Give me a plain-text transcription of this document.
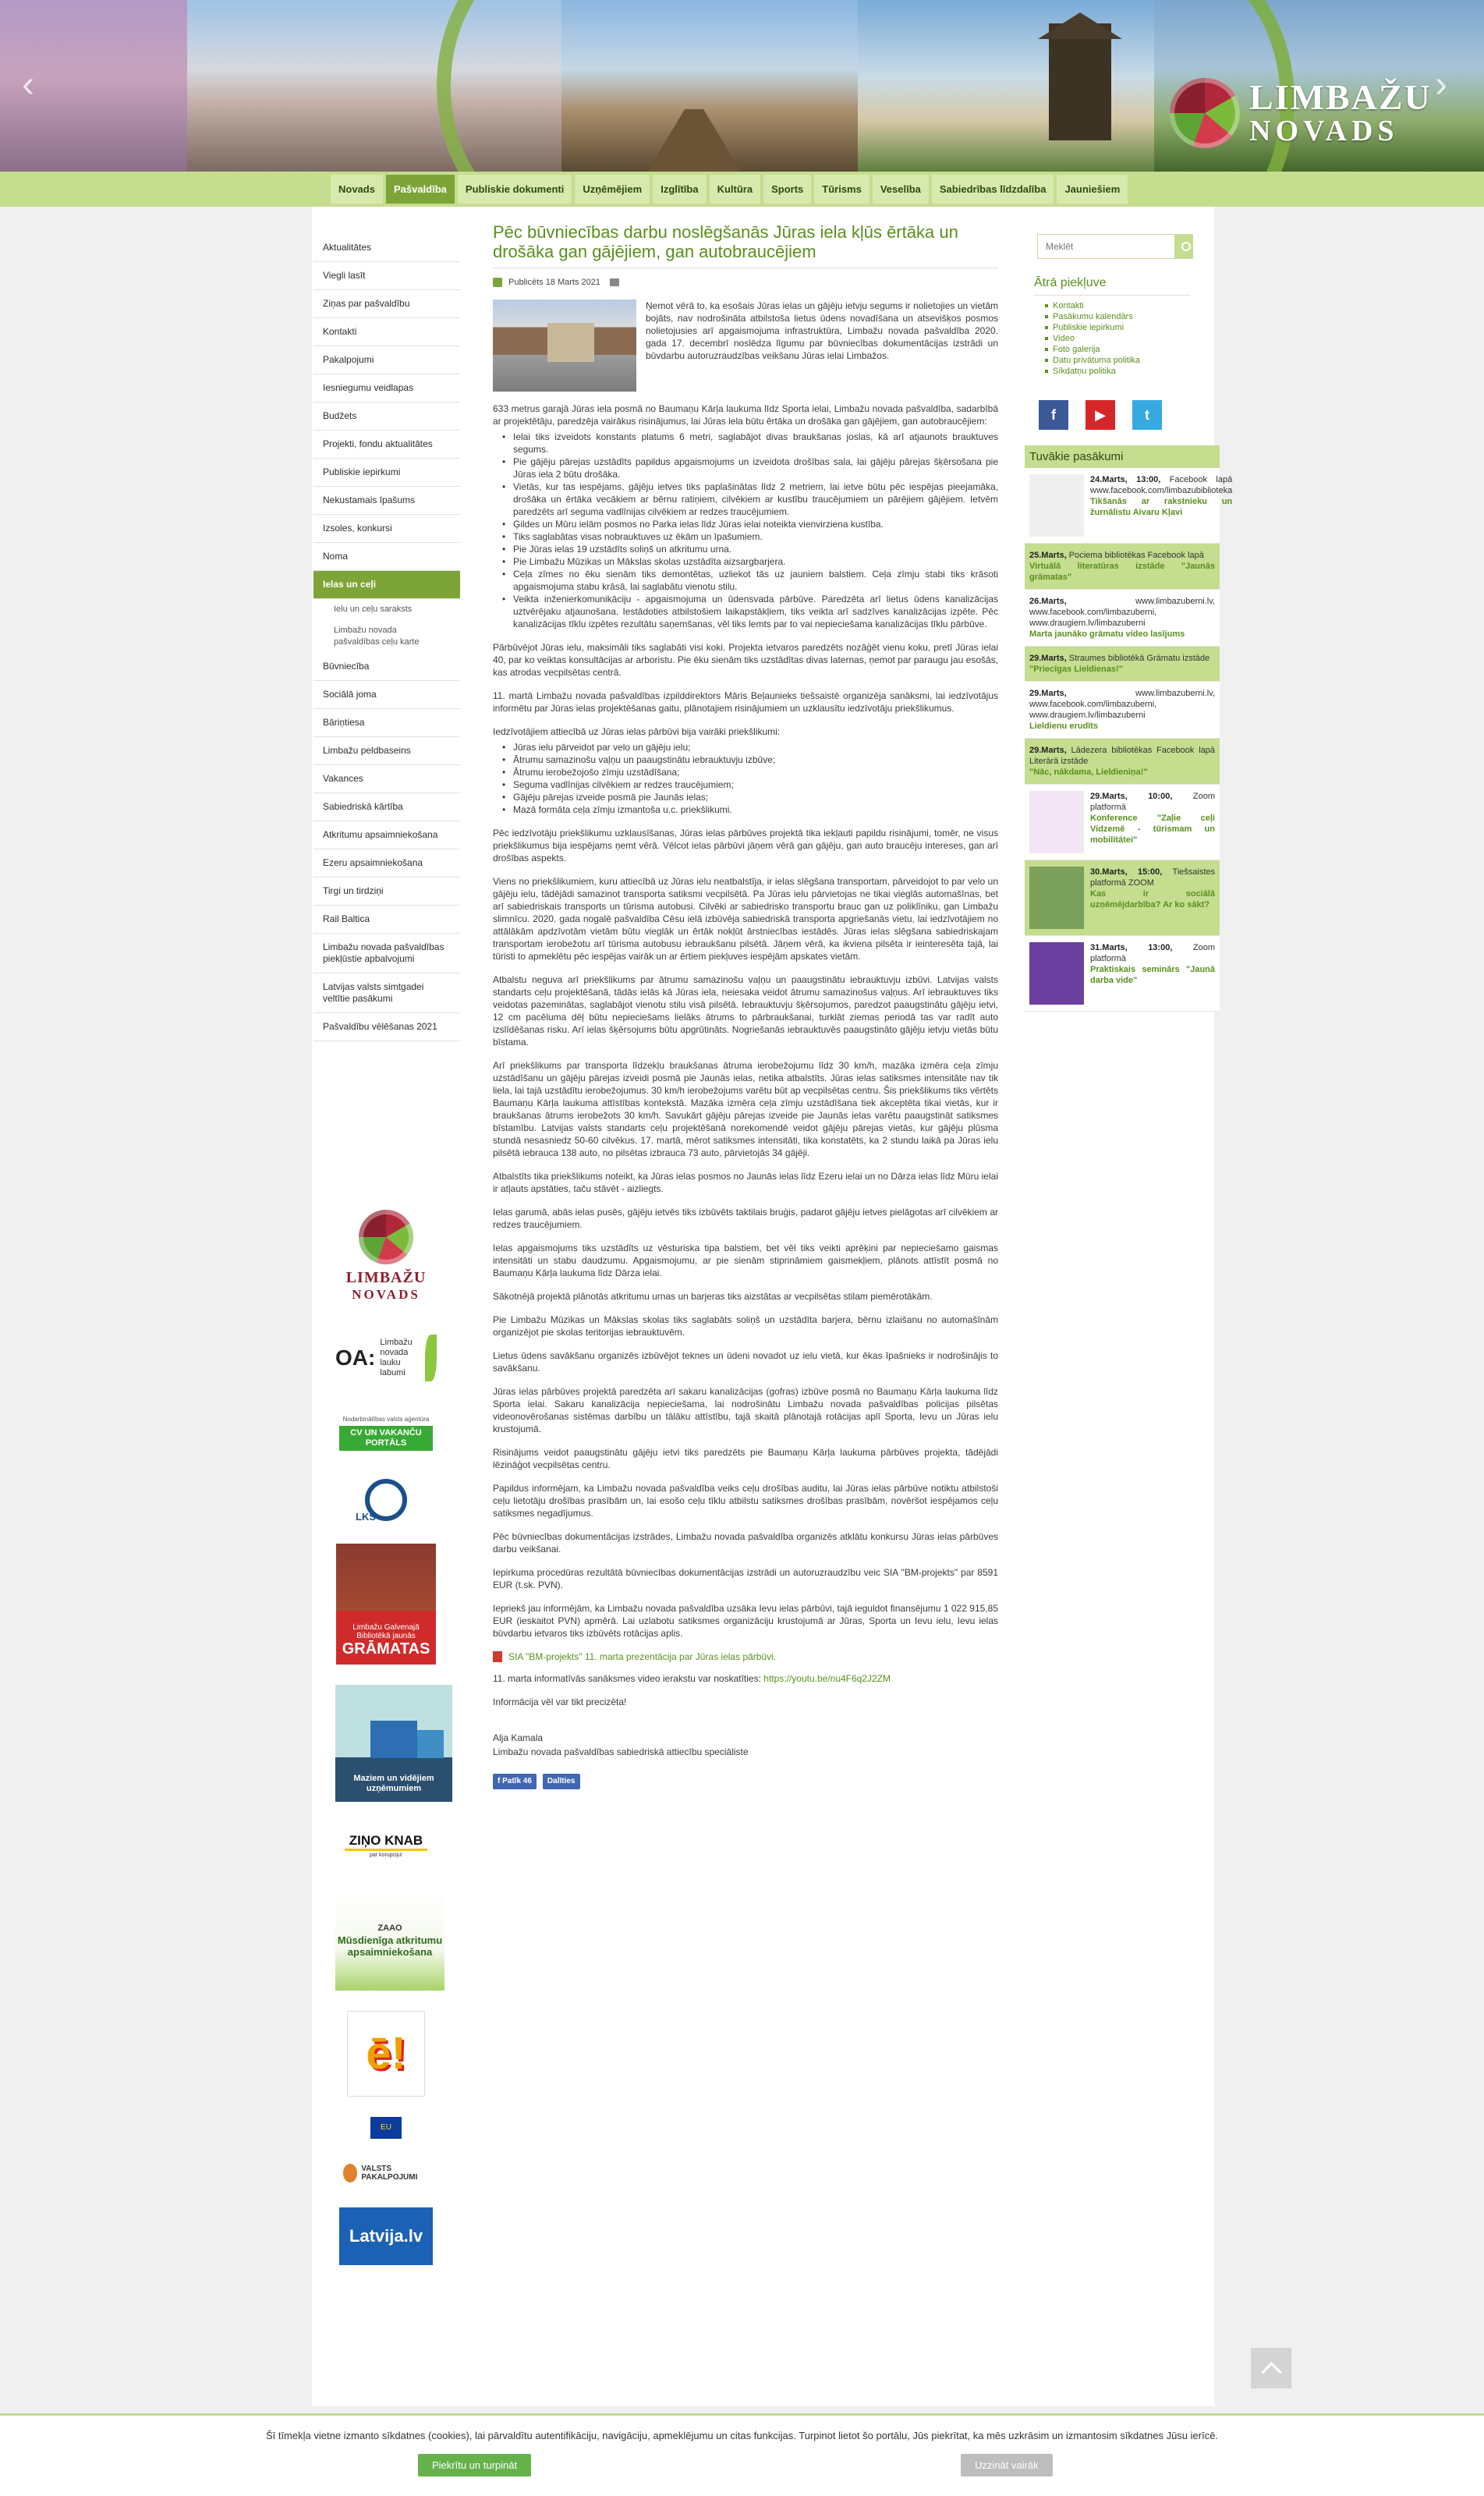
‹	›
LIMBAŽU
NOVADS
Novads	Pašvaldība	Publiskie dokumenti	Uzņēmējiem	Izglītība	Kultūra	Sports	Tūrisms	Veselība	Sabiedrības līdzdalība	Jauniešiem
Aktualitātes
Viegli lasīt
Ziņas par pašvaldību
Kontakti
Pakalpojumi
Iesniegumu veidlapas
Budžets
Projekti, fondu aktualitātes
Publiskie iepirkumi
Nekustamais īpašums
Izsoles, konkursi
Noma
Ielas un ceļi
Ielu un ceļu saraksts
Limbažu novada pašvaldības ceļu karte
Būvniecība
Sociālā joma
Bāriņtiesa
Limbažu peldbaseins
Vakances
Sabiedriskā kārtība
Atkritumu apsaimniekošana
Ezeru apsaimniekošana
Tirgi un tirdziņi
Rail Baltica
Limbažu novada pašvaldības piekļūstie apbalvojumi
Latvijas valsts simtgadei veltītie pasākumi
Pašvaldību vēlēšanas 2021
LIMBAŽU
NOVADS
OA:
Limbažu novada lauku labumi
Nodarbinātības valsts aģentūra
CV UN VAKANČU PORTĀLS
LKS
Limbažu Galvenajā Bibliotēkā jaunās
GRĀMATAS
Maziem un vidējiem uzņēmumiem
ZIŅO KNAB
par korupciju!
ZAAO
Mūsdienīga atkritumu apsaimniekošana
ē!
EU
VALSTS PAKALPOJUMI
Latvija.lv
Pēc būvniecības darbu noslēgšanās Jūras iela kļūs ērtāka un drošāka gan gājējiem, gan autobraucējiem
Publicēts 18 Marts 2021

Ņemot vērā to, ka esošais Jūras ielas un gājēju ietvju segums ir nolietojies un vietām bojāts, nav nodrošināta atbilstoša lietus ūdens novadīšana un atsevišķos posmos nolietojusies arī apgaismojuma infrastruktūra, Limbažu novada pašvaldība 2020. gada 17. decembrī noslēdza līgumu par būvniecības dokumentācijas izstrādi un būvdarbu autoruzraudzības veikšanu Jūras ielai Limbažos.

633 metrus garajā Jūras iela posmā no Baumaņu Kārļa laukuma līdz Sporta ielai, Limbažu novada pašvaldība, sadarbībā ar projektētāju, paredzēja vairākus risinājumus, lai Jūras iela būtu ērtāka un drošāka gan gājējiem, gan autobraucējiem:

• Ielai tiks izveidots konstants platums 6 metri, saglabājot divas braukšanas joslas, kā arī atjaunots brauktuves segums.
• Pie gājēju pārejas uzstādīts papildus apgaismojums un izveidota drošības sala, lai gājēju pārejas šķērsošana pie Jūras iela 2 būtu drošāka.
• Vietās, kur tas iespējams, gājēju ietves tiks paplašinātas līdz 2 metriem, lai ietve būtu pēc iespējas pieejamāka, drošāka un ērtāka vecākiem ar bērnu ratiņiem, cilvēkiem ar kustību traucējumiem un pārējiem gājējiem. Ietvēm paredzēts arī seguma vadlīnijas cilvēkiem ar redzes traucējumiem.
• Ģildes un Mūru ielām posmos no Parka ielas līdz Jūras ielai noteikta vienvirziena kustība.
• Tiks saglabātas visas nobrauktuves uz ēkām un īpašumiem.
• Pie Jūras ielas 19 uzstādīts soliņš un atkritumu urna.
• Pie Limbažu Mūzikas un Mākslas skolas uzstādīta aizsargbarjera.
• Ceļa zīmes no ēku sienām tiks demontētas, uzliekot tās uz jauniem balstiem. Ceļa zīmju stabi tiks krāsoti apgaismojuma stabu krāsā, lai saglabātu vienotu stilu.
• Veikta inženierkomunikāciju - apgaismojuma un ūdensvada pārbūve. Paredzēta arī lietus ūdens kanalizācijas uztvērējaku atjaunošana. Iestādoties atbilstošiem laikapstākļiem, tiks veikta arī sadzīves kanalizācijas izpēte. Pēc kanalizācijas tīklu izpētes rezultātu saņemšanas, vēl tiks lemts par to vai nepieciešama kanalizācijas tīklu pārbūve.

Pārbūvējot Jūras ielu, maksimāli tiks saglabāti visi koki. Projekta ietvaros paredzēts nozāģēt vienu koku, pretī Jūras ielai 40, par ko veiktas konsultācijas ar arboristu. Pie ēku sienām tiks uzstādītas divas laternas, ņemot par paraugu jau esošās, kas atrodas vecpilsētas centrā.

11. martā Limbažu novada pašvaldības izpilddirektors Māris Beļaunieks tiešsaistē organizēja sanāksmi, lai iedzīvotājus informētu par Jūras ielas projektēšanas gaitu, plānotajiem risinājumiem un uzklausītu iedzīvotāju priekšlikumus.

Iedzīvotājiem attiecībā uz Jūras ielas pārbūvi bija vairāki priekšlikumi:

• Jūras ielu pārveidot par velo un gājēju ielu;
• Ātrumu samazinošu vaļņu un paaugstinātu iebrauktuvju izbūve;
• Ātrumu ierobežojošo zīmju uzstādīšana;
• Seguma vadlīnijas cilvēkiem ar redzes traucējumiem;
• Gājēju pārejas izveide posmā pie Jaunās ielas;
• Mazā formāta ceļa zīmju izmantoša u.c. priekšlikumi.

Pēc iedzīvotāju priekšlikumu uzklausīšanas, Jūras ielas pārbūves projektā tika iekļauti papildu risinājumi, tomēr, ne visus priekšlikumus bija iespējams ņemt vērā. Vēlcot ielas pārbūvi jāņem vērā gan gājēju, gan auto braucēju intereses, gan arī drošības aspekts.

Viens no priekšlikumiem, kuru attiecībā uz Jūras ielu neatbalstīja, ir ielas slēgšana transportam, pārveidojot to par velo un gājēju ielu, tādējādi samazinot transporta satiksmi vecpilsētā. Pa Jūras ielu pārvietojas ne tikai vieglās automašīnas, bet arī sabiedriskais transports un tūrisma autobusi. Cilvēki ar sabiedrisko transportu brauc gan uz poliklīniku, gan Limbažu slimnīcu. 2020. gada nogalē pašvaldība Cēsu ielā izbūvēja sabiedriskā transporta apgriešanās vietu, lai iedzīvotājiem no attālākām apdzīvotām vietām būtu vieglāk un ērtāk nokļūt ārstniecības iestādēs. Jūras ielas slēgšana sabiedriskajam transportam ierobežotu arī tūrisma autobusu iebraukšanu pilsētā. Jāņem vērā, ka ikviena pilsēta ir ieinteresēta tajā, lai tūristi to apmeklētu pēc iespējas vairāk un ar ērtiem piekļuves iespējām apskates vietām.

Atbalstu neguva arī priekšlikums par ātrumu samazinošu vaļņu un paaugstinātu iebrauktuvju izbūvi. Latvijas valsts standarts ceļu projektēšanā, tādās ielās kā Jūras iela, neiesaka veidot ātrumu samazinošus vaļņus. Arī iebrauktuves tiks veidotas pazeminātas, saglabājot vienotu stilu visā pilsētā. Iebrauktuvju šķērsojumos, paredzot paaugstinātu gājēju ietvi, 12 cm pacēluma dēļ būtu nepieciešams lielāks ātrums to pārbraukšanai, turklāt ziemas periodā tas var radīt auto izslīdēšanas risku. Arī ielas šķērsojums būtu apgrūtināts. Nogriešanās iebrauktuvēs paaugstināto gājēju ietvju vietās būtu bīstama.

Arī priekšlikums par transporta līdzekļu braukšanas ātruma ierobežojumu līdz 30 km/h, mazāka izmēra ceļa zīmju uzstādīšanu un gājēju pārejas izveidi posmā pie Jaunās ielas, netika atbalstīts. Jūras ielas satiksmes intensitāte nav tik liela, lai tajā uzstādītu ierobežojumus. 30 km/h ierobežojums varētu būt ap vecpilsētas centru. Šis priekšlikums tiks vērtēts Baumaņu Kārļa laukuma attīstības kontekstā. Mazāka izmēra ceļa zīmju uzstādīšana tiek akceptēta tikai vietās, kur ir braukšanas ātrums ierobežots 30 km/h. Savukārt gājēju pārejas izveide pie Jaunās ielas varētu paaugstināt satiksmes bīstamību. Latvijas valsts standarts ceļu projektēšanā norekomendē veidot gājēju pārejas vietās, kur gājēju plūsma stundā nesasniedz 50-60 cilvēkus. 17. martā, mērot satiksmes intensitāti, tika konstatēts, ka 2 stundu laikā pa Jūras ielu pilsētā iebrauca 138 auto, no pilsētas izbrauca 73 auto, pārvietojās 34 gājēji.

Atbalstīts tika priekšlikums noteikt, ka Jūras ielas posmos no Jaunās ielas līdz Ezeru ielai un no Dārza ielas līdz Mūru ielai ir atļauts apstāties, taču stāvēt - aizliegts.

Ielas garumā, abās ielas pusēs, gājēju ietvēs tiks izbūvēts taktilais bruģis, padarot gājēju ietves pielāgotas arī cilvēkiem ar redzes traucējumiem.

Ielas apgaismojums tiks uzstādīts uz vēsturiska tipa balstiem, bet vēl tiks veikti aprēķini par nepieciešamo gaismas intensitāti un stabu daudzumu. Apgaismojumu, ar pie sienām stiprināmiem gaismekļiem, plānots attīstīt posmā no Baumaņu Kārļa laukuma līdz Dārza ielai.

Sākotnējā projektā plānotās atkritumu urnas un barjeras tiks aizstātas ar vecpilsētas stilam piemērotākām.

Pie Limbažu Mūzikas un Mākslas skolas tiks saglabāts soliņš un uzstādīta barjera, bērnu izlaišanu no automašīnām organizējot pie skolas teritorijas iebrauktuvēm.

Lietus ūdens savākšanu organizēs izbūvējot teknes un ūdeni novadot uz ielu vietā, kur ēkas īpašnieks ir nodrošinājis to savākšanu.

Jūras ielas pārbūves projektā paredzēta arī sakaru kanalizācijas (gofras) izbūve posmā no Baumaņu Kārļa laukuma līdz Sporta ielai. Sakaru kanalizācija nepieciešama, lai nodrošinātu Limbažu novada pašvaldības policijas pilsētas videonovērošanas sistēmas darbību un tālāku attīstību, tajā skaitā plānotajā rotācijas aplī Sporta, Ievu un Jūras ielu krustojumā.

Risinājums veidot paaugstinātu gājēju ietvi tiks paredzēts pie Baumaņu Kārļa laukuma pārbūves projekta, tādējādi lēzināģot vecpilsētas centru.

Papildus informējam, ka Limbažu novada pašvaldība veiks ceļu drošības auditu, lai Jūras ielas pārbūve notiktu atbilstoši ceļu lietotāju drošības prasībām un, lai esošo ceļu tīklu atbilstu satiksmes drošības prasībām, novēršot iespējamos ceļu satiksmes negadījumus.

Pēc būvniecības dokumentācijas izstrādes, Limbažu novada pašvaldība organizēs atklātu konkursu Jūras ielas pārbūves darbu veikšanai.

Iepirkuma procedūras rezultātā būvniecības dokumentācijas izstrādi un autoruzraudzību veic SIA "BM-projekts" par 8591 EUR (t.sk. PVN).

Iepriekš jau informējām, ka Limbažu novada pašvaldība uzsāka Ievu ielas pārbūvi, tajā ieguldot finansējumu 1 022 915,85 EUR (ieskaitot PVN) apmērā. Lai uzlabotu satiksmes organizāciju krustojumā ar Jūras, Sporta un Ievu ielu, Ievu ielas būvdarbu ietvaros tiks izbūvēts rotācijas aplis.

SIA "BM-projekts" 11. marta prezentācija par Jūras ielas pārbūvi.

11. marta informatīvās sanāksmes video ierakstu var noskatīties: https://youtu.be/nu4F6q2J2ZM

Informācija vēl var tikt precizēta!

Alja Kamala

Limbažu novada pašvaldības sabiedriskā attiecību speciāliste

f Patīk 46	Dalīties
Meklēt
Ātrā piekļuve
Kontakti
Pasākumu kalendārs
Publiskie iepirkumi
Video
Foto galerija
Datu privātuma politika
Sīkdatņu politika
f	▶	t
Tuvākie pasākumi
24.Marts, 13:00, Facebook lapā www.facebook.com/limbazubiblioteka
Tikšanās ar rakstnieku un žurnālistu Aivaru Kļavi
25.Marts, Pociema bibliotēkas Facebook lapā
Virtuālā literatūras izstāde "Jaunās grāmatas"
26.Marts,	www.limbazuberni.lv, www.facebook.com/limbazuberni, www.draugiem.lv/limbazuberni
Marta jaunāko grāmatu video lasījums
29.Marts, Straumes bibliotēkā Grāmatu izstāde
"Priecīgas Lieldienas!"
29.Marts,	www.limbazuberni.lv, www.facebook.com/limbazuberni, www.draugiem.lv/limbazuberni
Lieldienu erudīts
29.Marts, Lādezera bibliotēkas Facebook lapā Literārā izstāde
"Nāc, nākdama, Lieldieniņa!"
29.Marts, 10:00, Zoom platformā
Konference "Zaļie ceļi Vidzemē - tūrismam un mobilitātei"
30.Marts, 15:00, Tiešsaistes platformā ZOOM
Kas ir sociālā uzņēmējdarbība? Ar ko sākt?
31.Marts, 13:00, Zoom platformā
Praktiskais seminārs "Jaunā darba vide"
Šī tīmekļa vietne izmanto sīkdatnes (cookies), lai pārvaldītu autentifikāciju, navigāciju, apmeklējumu un citas funkcijas. Turpinot lietot šo portālu, Jūs piekrītat, ka mēs uzkrāsim un izmantosim sīkdatnes Jūsu ierīcē.
Piekrītu un turpināt	Uzzināt vairāk
